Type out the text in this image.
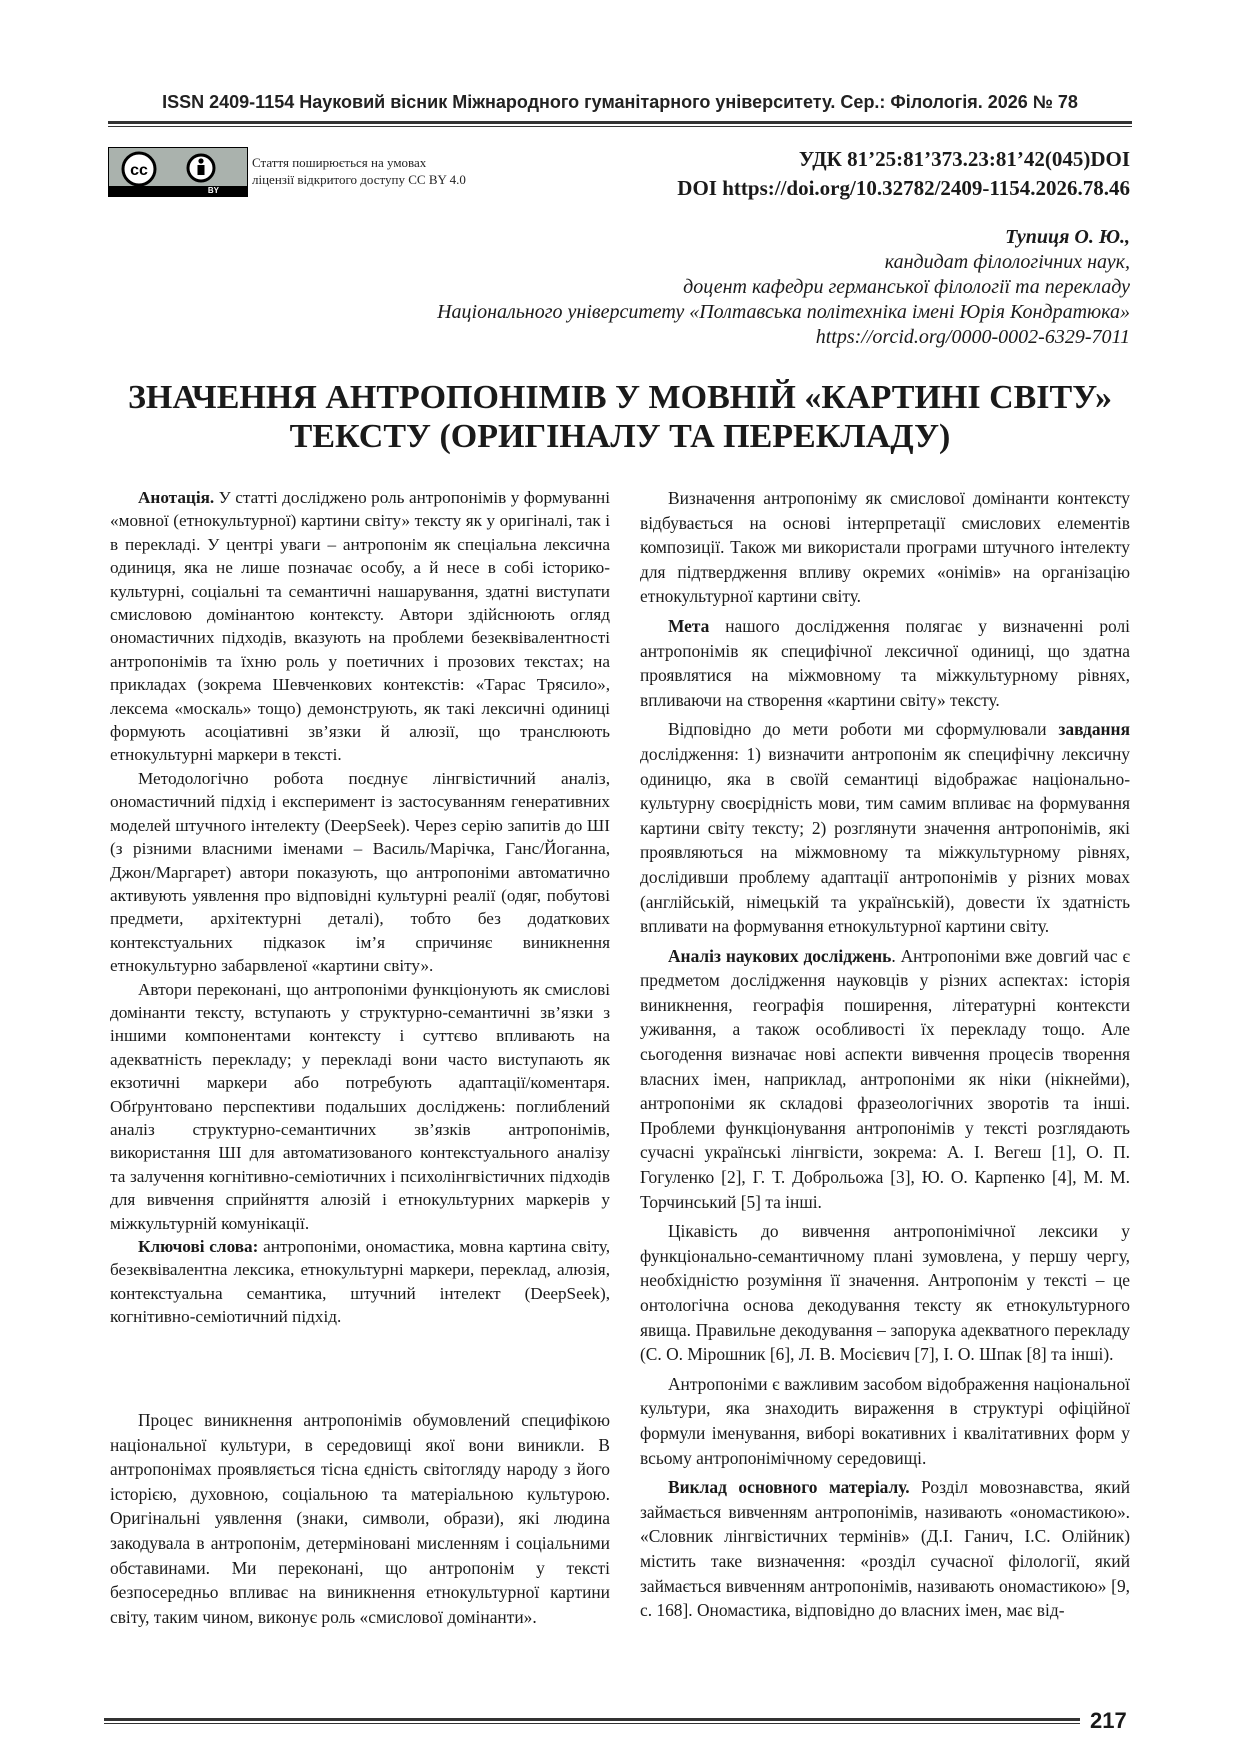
ISSN 2409-1154 Науковий вісник Міжнародного гуманітарного університету. Сер.: Філологія. 2026 № 78
cc
BY
Стаття поширюється на умовах
ліцензії відкритого доступу CC BY 4.0
УДК 81’25:81’373.23:81’42(045)DOI
DOI https://doi.org/10.32782/2409-1154.2026.78.46
Тупиця О. Ю.,
кандидат філологічних наук,
доцент кафедри германської філології та перекладу
Національного університету «Полтавська політехніка імені Юрія Кондратюка»
https://orcid.org/0000-0002-6329-7011
ЗНАЧЕННЯ АНТРОПОНІМІВ У МОВНІЙ «КАРТИНІ СВІТУ»
ТЕКСТУ (ОРИГІНАЛУ ТА ПЕРЕКЛАДУ)

Анотація. У статті досліджено роль антропонімів у формуванні «мовної (етнокультурної) картини світу» тексту як у оригіналі, так і в перекладі. У центрі уваги – антропонім як спеціальна лексична одиниця, яка не лише позначає особу, а й несе в собі історико-культурні, соціальні та семантичні нашарування, здатні виступати смисловою домінантою контексту. Автори здійснюють огляд ономастичних підходів, вказують на проблеми безеквівалентності антропонімів та їхню роль у поетичних і прозових текстах; на прикладах (зокрема Шевченкових контекстів: «Тарас Трясило», лексема «москаль» тощо) демонструють, як такі лексичні одиниці формують асоціативні зв’язки й алюзії, що транслюють етнокультурні маркери в тексті.

Методологічно робота поєднує лінгвістичний аналіз, ономастичний підхід і експеримент із застосуванням генеративних моделей штучного інтелекту (DeepSeek). Через серію запитів до ШІ (з різними власними іменами – Василь/Марічка, Ганс/Йоганна, Джон/Маргарет) автори показують, що антропоніми автоматично активують уявлення про відповідні культурні реалії (одяг, побутові предмети, архітектурні деталі), тобто без додаткових контекстуальних підказок ім’я спричиняє виникнення етнокультурно забарвленої «картини світу».

Автори переконані, що антропоніми функціонують як смислові домінанти тексту, вступають у структурно-семантичні зв’язки з іншими компонентами контексту і суттєво впливають на адекватність перекладу; у перекладі вони часто виступають як екзотичні маркери або потребують адаптації/коментаря. Обґрунтовано перспективи подальших досліджень: поглиблений аналіз структурно-семантичних зв’язків антропонімів, використання ШІ для автоматизованого контекстуального аналізу та залучення когнітивно-семіотичних і психолінгвістичних підходів для вивчення сприйняття алюзій і етнокультурних маркерів у міжкультурній комунікації.

Ключові слова: антропоніми, ономастика, мовна картина світу, безеквівалентна лексика, етнокультурні маркери, переклад, алюзія, контекстуальна семантика, штучний інтелект (DeepSeek), когнітивно-семіотичний підхід.

Процес виникнення антропонімів обумовлений специфікою національної культури, в середовищі якої вони виникли. В антропонімах проявляється тісна єдність світогляду народу з його історією, духовною, соціальною та матеріальною культурою. Оригінальні уявлення (знаки, символи, образи), які людина закодувала в антропонім, детерміновані мисленням і соціальними обставинами. Ми переконані, що антропонім у тексті безпосередньо впливає на виникнення етнокультурної картини світу, таким чином, виконує роль «смислової домінанти».

Визначення антропоніму як смислової домінанти контексту відбувається на основі інтерпретації смислових елементів композиції. Також ми використали програми штучного інтелекту для підтвердження впливу окремих «онімів» на організацію етнокультурної картини світу.

Мета нашого дослідження полягає у визначенні ролі антропонімів як специфічної лексичної одиниці, що здатна проявлятися на міжмовному та міжкультурному рівнях, впливаючи на створення «картини світу» тексту.

Відповідно до мети роботи ми сформулювали завдання дослідження: 1) визначити антропонім як специфічну лексичну одиницю, яка в своїй семантиці відображає національно-культурну своєрідність мови, тим самим впливає на формування картини світу тексту; 2) розглянути значення антропонімів, які проявляються на міжмовному та міжкультурному рівнях, дослідивши проблему адаптації антропонімів у різних мовах (англійській, німецькій та українській), довести їх здатність впливати на формування етнокультурної картини світу.

Аналіз наукових досліджень. Антропоніми вже довгий час є предметом дослідження науковців у різних аспектах: історія виникнення, географія поширення, літературні контексти уживання, а також особливості їх перекладу тощо. Але сьогодення визначає нові аспекти вивчення процесів творення власних імен, наприклад, антропоніми як ніки (нікнейми), антропоніми як складові фразеологічних зворотів та інші. Проблеми функціонування антропонімів у тексті розглядають сучасні українські лінгвісти, зокрема: А. І. Вегеш [1], О. П. Гогуленко [2], Г. Т. Доброльожа [3], Ю. О. Карпенко [4], М. М. Торчинський [5] та інші.

Цікавість до вивчення антропонімічної лексики у функціонально-семантичному плані зумовлена, у першу чергу, необхідністю розуміння її значення. Антропонім у тексті – це онтологічна основа декодування тексту як етнокультурного явища. Правильне декодування – запорука адекватного перекладу (С. О. Мірошник [6], Л. В. Мосієвич [7], І. О. Шпак [8] та інші).

Антропоніми є важливим засобом відображення національної культури, яка знаходить вираження в структурі офіційної формули іменування, виборі вокативних і квалітативних форм у всьому антропонімічному середовищі.

Виклад основного матеріалу. Розділ мовознавства, який займається вивченням антропонімів, називають «ономастикою». «Словник лінгвістичних термінів» (Д.І. Ганич, І.С. Олійник) містить таке визначення: «розділ сучасної філології, який займається вивченням антропонімів, називають ономастикою» [9, с. 168]. Ономастика, відповідно до власних імен, має від-

217
